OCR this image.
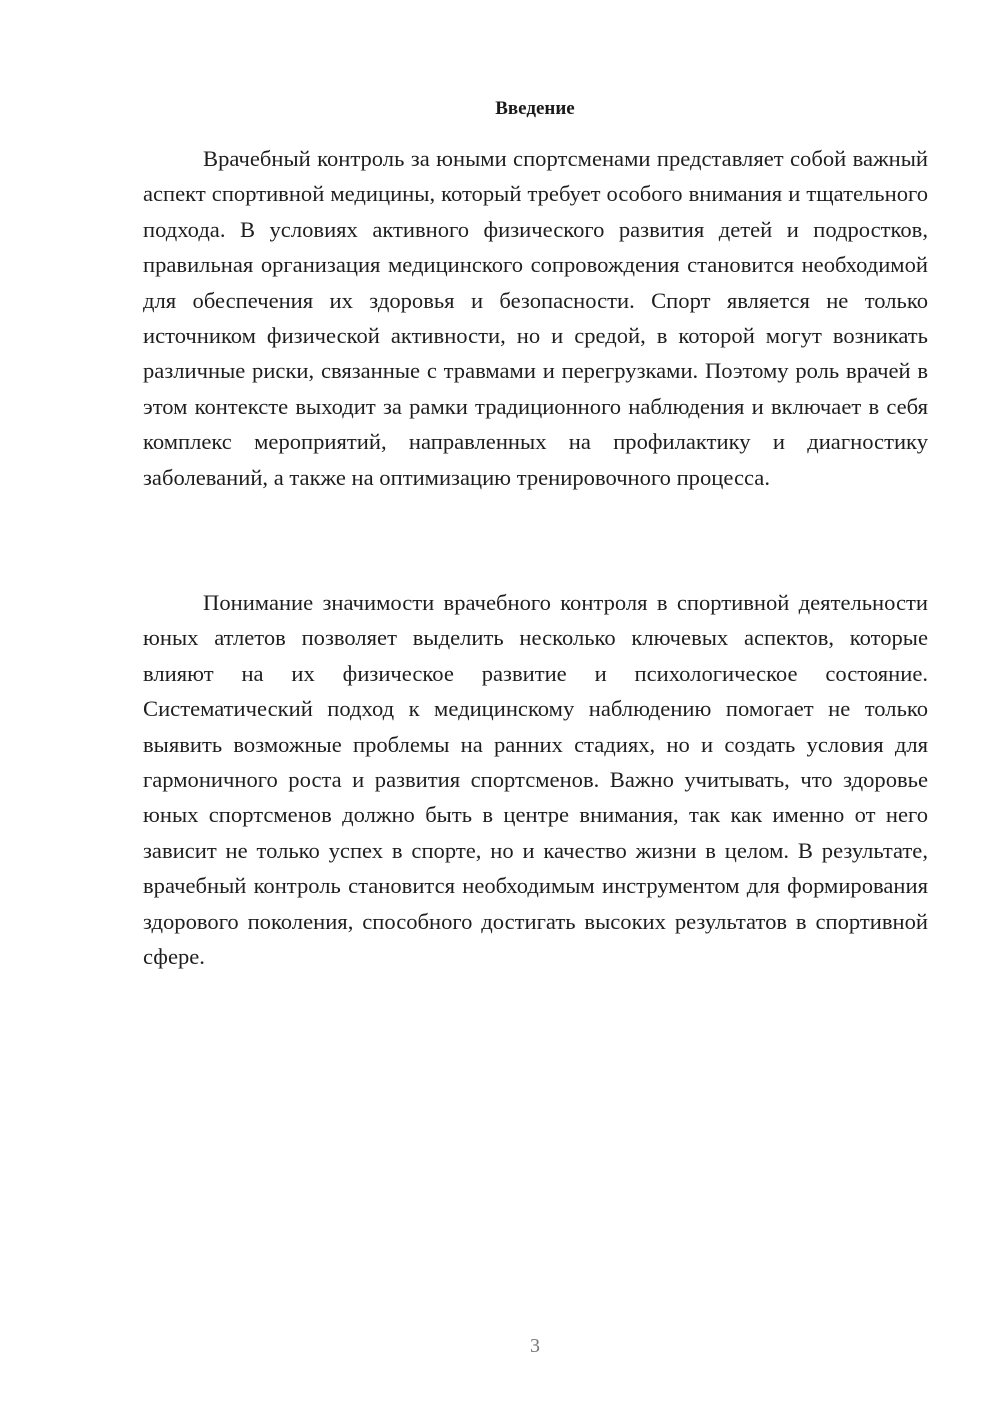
Введение

Врачебный контроль за юными спортсменами представляет собой важный аспект спортивной медицины, который требует особого внимания и тщательного подхода. В условиях активного физического развития детей и подростков, правильная организация медицинского сопровождения становится необходимой для обеспечения их здоровья и безопасности. Спорт является не только источником физической активности, но и средой, в которой могут возникать различные риски, связанные с травмами и перегрузками. Поэтому роль врачей в этом контексте выходит за рамки традиционного наблюдения и включает в себя комплекс мероприятий, направленных на профилактику и диагностику заболеваний, а также на оптимизацию тренировочного процесса.

Понимание значимости врачебного контроля в спортивной деятельности юных атлетов позволяет выделить несколько ключевых аспектов, которые влияют на их физическое развитие и психологическое состояние. Систематический подход к медицинскому наблюдению помогает не только выявить возможные проблемы на ранних стадиях, но и создать условия для гармоничного роста и развития спортсменов. Важно учитывать, что здоровье юных спортсменов должно быть в центре внимания, так как именно от него зависит не только успех в спорте, но и качество жизни в целом. В результате, врачебный контроль становится необходимым инструментом для формирования здорового поколения, способного достигать высоких результатов в спортивной сфере.

3
